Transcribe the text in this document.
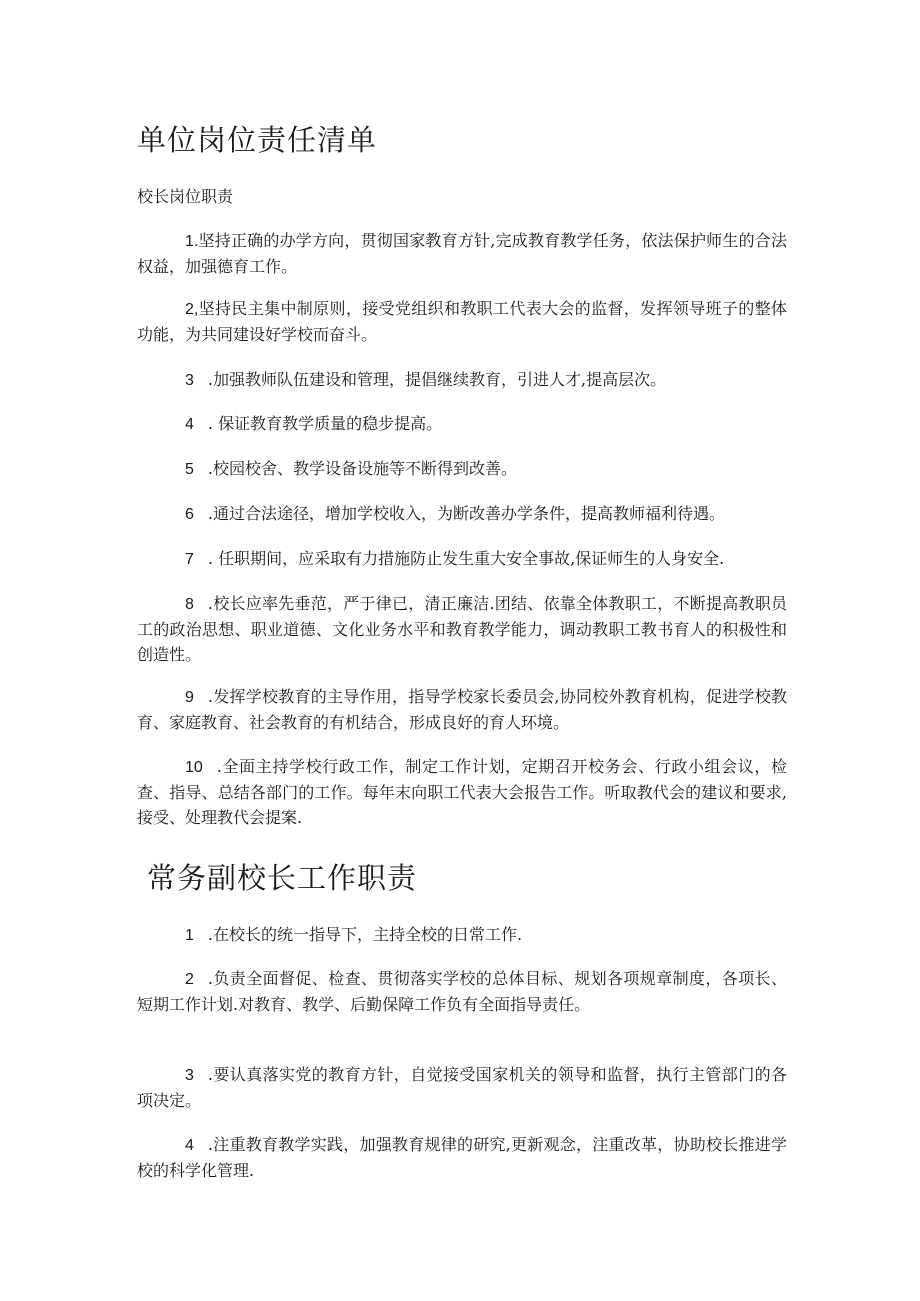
单位岗位责任清单

校长岗位职责

1.坚持正确的办学方向，贯彻国家教育方针,完成教育教学任务，依法保护师生的合法权益，加强德育工作。

2,坚持民主集中制原则，接受党组织和教职工代表大会的监督，发挥领导班子的整体功能，为共同建设好学校而奋斗。

3 .加强教师队伍建设和管理，提倡继续教育，引进人才,提高层次。

4 . 保证教育教学质量的稳步提高。

5 .校园校舍、教学设备设施等不断得到改善。

6 .通过合法途径，增加学校收入，为断改善办学条件，提高教师福利待遇。

7 . 任职期间，应采取有力措施防止发生重大安全事故,保证师生的人身安全.

8 .校长应率先垂范，严于律已，清正廉洁.团结、依靠全体教职工，不断提高教职员工的政治思想、职业道德、文化业务水平和教育教学能力，调动教职工教书育人的积极性和创造性。

9 .发挥学校教育的主导作用，指导学校家长委员会,协同校外教育机构，促进学校教育、家庭教育、社会教育的有机结合，形成良好的育人环境。

10 .全面主持学校行政工作，制定工作计划，定期召开校务会、行政小组会议，检查、指导、总结各部门的工作。每年末向职工代表大会报告工作。听取教代会的建议和要求,接受、处理教代会提案.

常务副校长工作职责

1 .在校长的统一指导下，主持全校的日常工作.

2 .负责全面督促、检查、贯彻落实学校的总体目标、规划各项规章制度，各项长、短期工作计划.对教育、教学、后勤保障工作负有全面指导责任。

3 .要认真落实党的教育方针，自觉接受国家机关的领导和监督，执行主管部门的各项决定。

4 .注重教育教学实践，加强教育规律的研究,更新观念，注重改革，协助校长推进学校的科学化管理.
